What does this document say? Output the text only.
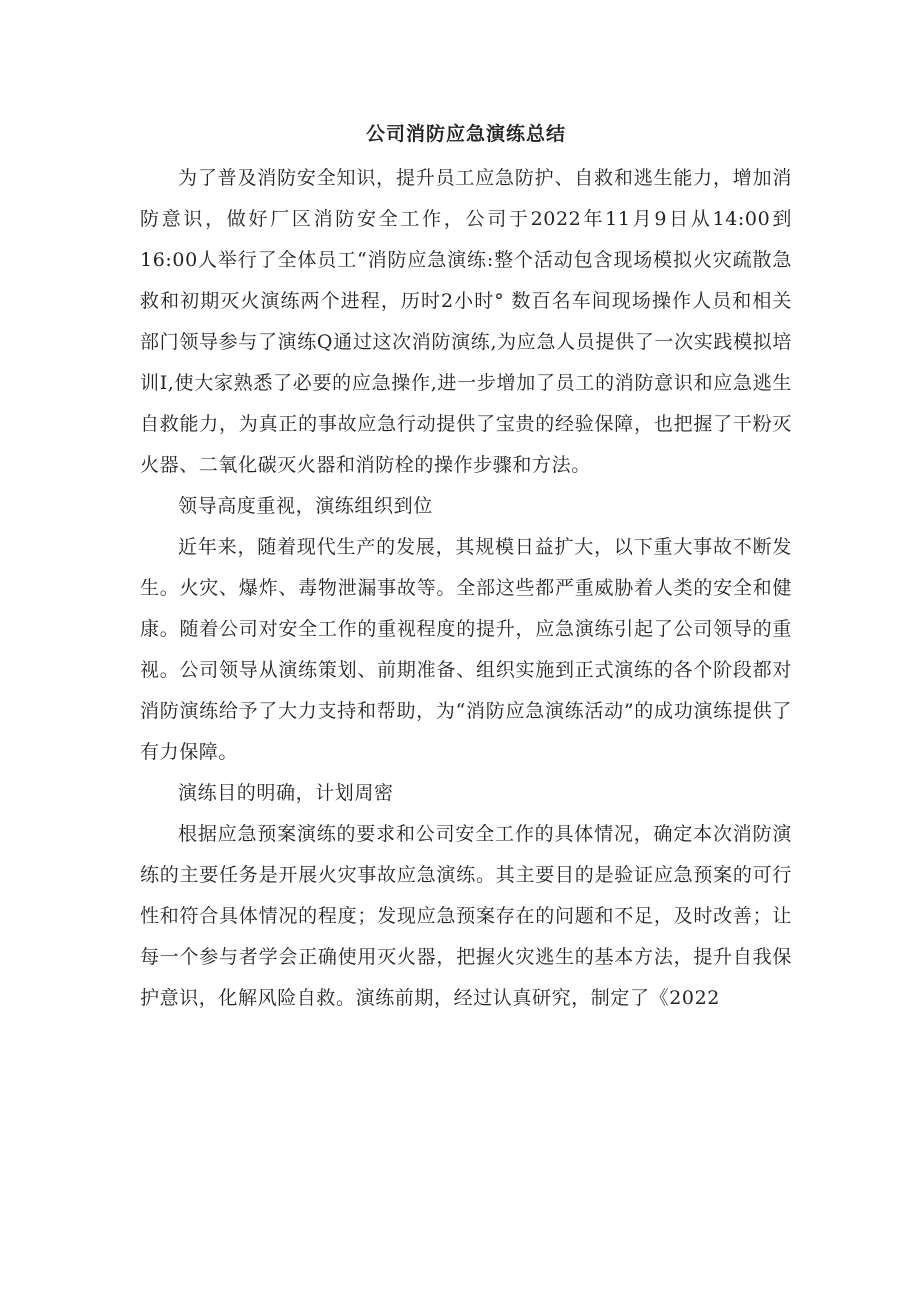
公司消防应急演练总结

为了普及消防安全知识，提升员工应急防护、自救和逃生能力，增加消防意识，做好厂区消防安全工作，公司于2022年11月9日从14:00到16:00人举行了全体员工“消防应急演练:整个活动包含现场模拟火灾疏散急救和初期灭火演练两个进程，历时2小时° 数百名车间现场操作人员和相关部门领导参与了演练Q通过这次消防演练,为应急人员提供了一次实践模拟培训I,使大家熟悉了必要的应急操作,进一步增加了员工的消防意识和应急逃生自救能力，为真正的事故应急行动提供了宝贵的经验保障，也把握了干粉灭火器、二氧化碳灭火器和消防栓的操作步骤和方法。

领导高度重视，演练组织到位

近年来，随着现代生产的发展，其规模日益扩大，以下重大事故不断发生。火灾、爆炸、毒物泄漏事故等。全部这些都严重威胁着人类的安全和健康。随着公司对安全工作的重视程度的提升，应急演练引起了公司领导的重视。公司领导从演练策划、前期准备、组织实施到正式演练的各个阶段都对消防演练给予了大力支持和帮助，为“消防应急演练活动”的成功演练提供了有力保障。

演练目的明确，计划周密

根据应急预案演练的要求和公司安全工作的具体情况，确定本次消防演练的主要任务是开展火灾事故应急演练。其主要目的是验证应急预案的可行性和符合具体情况的程度；发现应急预案存在的问题和不足，及时改善；让每一个参与者学会正确使用灭火器，把握火灾逃生的基本方法，提升自我保护意识，化解风险自救。演练前期，经过认真研究，制定了《2022
